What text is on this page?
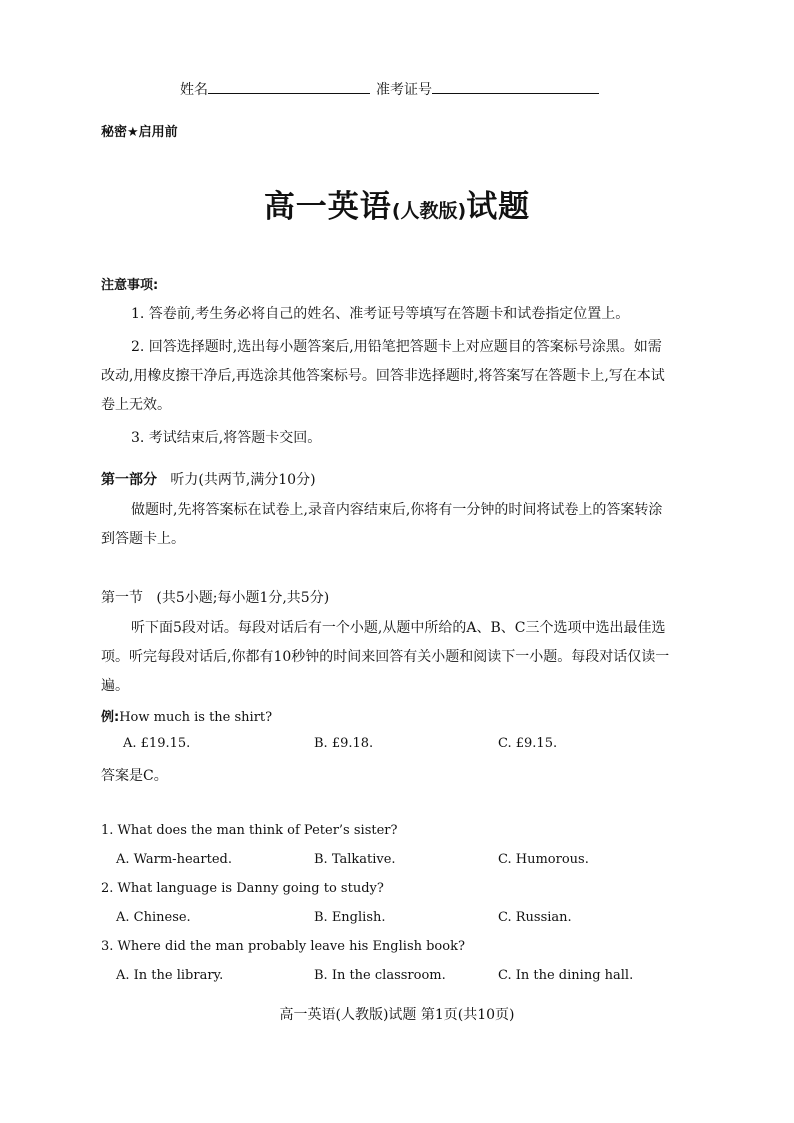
姓名	准考证号
秘密★启用前
高一英语(人教版)试题
注意事项:
1. 答卷前,考生务必将自己的姓名、准考证号等填写在答题卡和试卷指定位置上。
2. 回答选择题时,选出每小题答案后,用铅笔把答题卡上对应题目的答案标号涂黑。如需改动,用橡皮擦干净后,再选涂其他答案标号。回答非选择题时,将答案写在答题卡上,写在本试卷上无效。
3. 考试结束后,将答题卡交回。
第一部分 听力(共两节,满分10分)
做题时,先将答案标在试卷上,录音内容结束后,你将有一分钟的时间将试卷上的答案转涂到答题卡上。
第一节 (共5小题;每小题1分,共5分)
听下面5段对话。每段对话后有一个小题,从题中所给的A、B、C三个选项中选出最佳选项。听完每段对话后,你都有10秒钟的时间来回答有关小题和阅读下一小题。每段对话仅读一遍。
例:How much is the shirt?
A. £19.15.	B. £9.18.	C. £9.15.
答案是C。
1. What does the man think of Peter’s sister?
A. Warm-hearted.	B. Talkative.	C. Humorous.
2. What language is Danny going to study?
A. Chinese.	B. English.	C. Russian.
3. Where did the man probably leave his English book?
A. In the library.	B. In the classroom.	C. In the dining hall.
高一英语(人教版)试题 第1页(共10页)
